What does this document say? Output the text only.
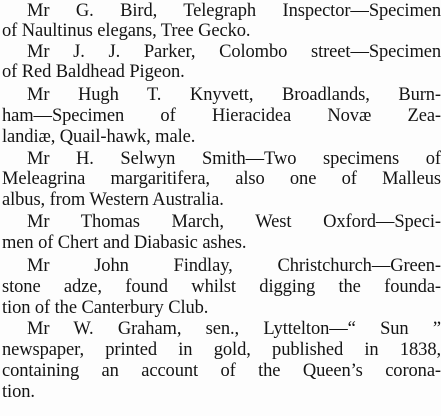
Mr G. Bird, Telegraph Inspector—Specimen
of Naultinus elegans, Tree Gecko.
Mr J. J. Parker, Colombo street—Specimen
of Red Baldhead Pigeon.
Mr Hugh T. Knyvett, Broadlands, Burn-
ham—Specimen of Hieracidea Novæ Zea-
landiæ, Quail-hawk, male.
Mr H. Selwyn Smith—Two specimens of
Meleagrina margaritifera, also one of Malleus
albus, from Western Australia.
Mr Thomas March, West Oxford—Speci-
men of Chert and Diabasic ashes.
Mr John Findlay, Christchurch—Green-
stone adze, found whilst digging the founda-
tion of the Canterbury Club.
Mr W. Graham, sen., Lyttelton—“ Sun ”
newspaper, printed in gold, published in 1838,
containing an account of the Queen’s corona-
tion.
